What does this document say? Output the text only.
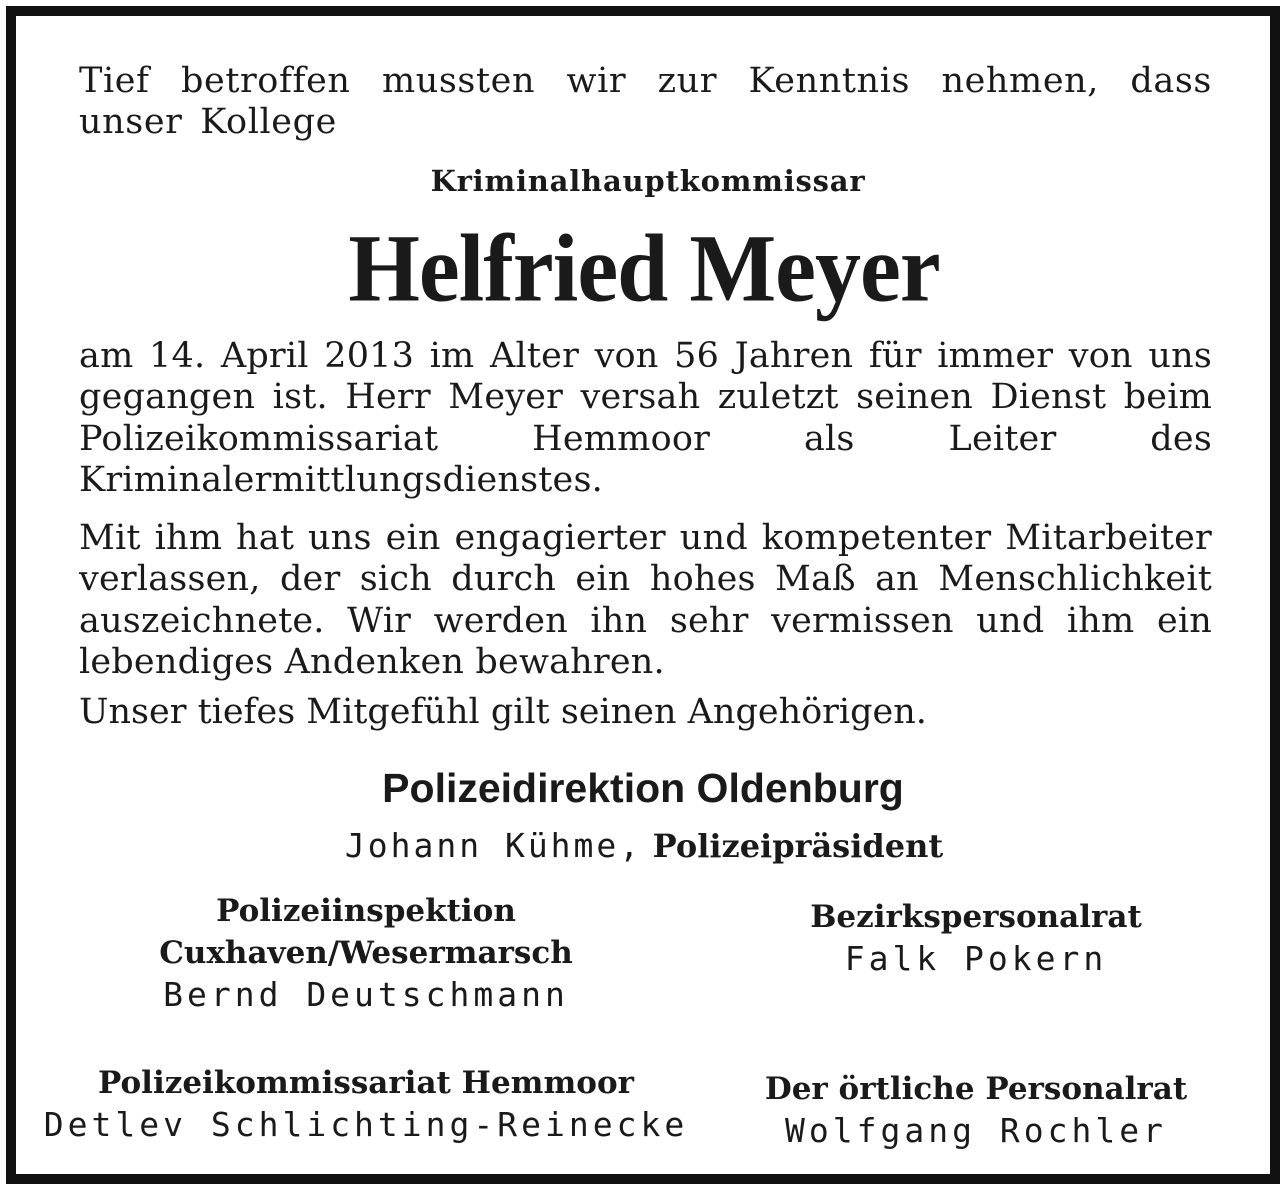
Tief betroffen mussten wir zur Kenntnis nehmen, dass unser Kollege
Kriminalhauptkommissar
Helfried Meyer
am 14. April 2013 im Alter von 56 Jahren für immer von uns gegangen ist. Herr Meyer versah zuletzt seinen Dienst beim Polizeikommissariat Hemmoor als Leiter des Kriminalermittlungsdienstes.
Mit ihm hat uns ein engagierter und kompetenter Mitarbeiter verlassen, der sich durch ein hohes Maß an Menschlichkeit auszeichnete. Wir werden ihn sehr vermissen und ihm ein lebendiges Andenken bewahren.
Unser tiefes Mitgefühl gilt seinen Angehörigen.
Polizeidirektion Oldenburg
Johann Kühme, Polizeipräsident
Polizeiinspektion
Cuxhaven/Wesermarsch
Bernd Deutschmann
Bezirkspersonalrat
Falk Pokern
Polizeikommissariat Hemmoor
Detlev Schlichting-Reinecke
Der örtliche Personalrat
Wolfgang Rochler
